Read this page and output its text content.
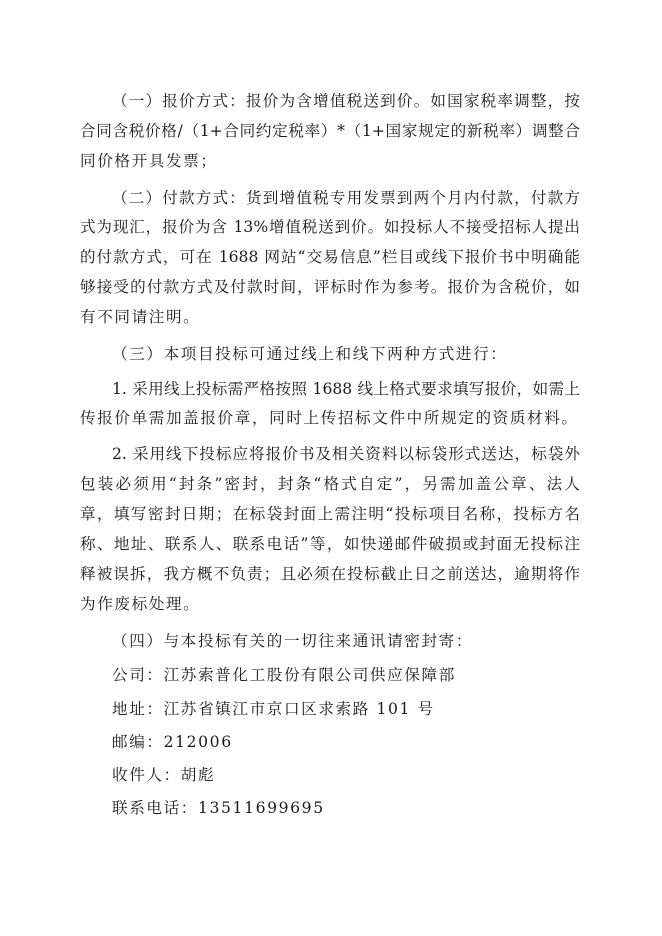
（一）报价方式：报价为含增值税送到价。如国家税率调整，按
合同含税价格/（1+合同约定税率）*（1+国家规定的新税率）调整合
同价格开具发票；
（二）付款方式：货到增值税专用发票到两个月内付款，付款方
式为现汇，报价为含 13%增值税送到价。如投标人不接受招标人提出
的付款方式，可在 1688 网站“交易信息”栏目或线下报价书中明确能
够接受的付款方式及付款时间，评标时作为参考。报价为含税价，如
有不同请注明。
（三）本项目投标可通过线上和线下两种方式进行：
1. 采用线上投标需严格按照 1688 线上格式要求填写报价，如需上
传报价单需加盖报价章，同时上传招标文件中所规定的资质材料。
2. 采用线下投标应将报价书及相关资料以标袋形式送达，标袋外
包装必须用“封条”密封，封条“格式自定”，另需加盖公章、法人
章，填写密封日期；在标袋封面上需注明“投标项目名称，投标方名
称、地址、联系人、联系电话”等，如快递邮件破损或封面无投标注
释被误拆，我方概不负责；且必须在投标截止日之前送达，逾期将作
为作废标处理。
（四）与本投标有关的一切往来通讯请密封寄：
公司：江苏索普化工股份有限公司供应保障部
地址：江苏省镇江市京口区求索路 101 号
邮编：212006
收件人：胡彪
联系电话：13511699695
